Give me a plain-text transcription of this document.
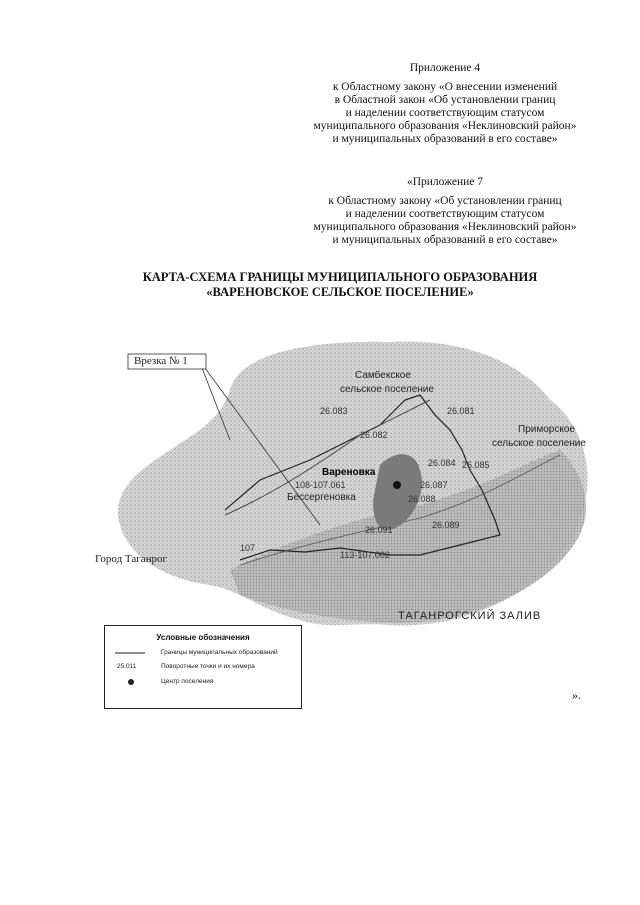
Приложение 4
к Областному закону «О внесении изменений
в Областной закон «Об установлении границ
и наделении соответствующим статусом
муниципального образования «Неклиновский район»
и муниципальных образований в его составе»
«Приложение 7
к Областному закону «Об установлении границ
и наделении соответствующим статусом
муниципального образования «Неклиновский район»
и муниципальных образований в его составе»
КАРТА-СХЕМА ГРАНИЦЫ МУНИЦИПАЛЬНОГО ОБРАЗОВАНИЯ
«ВАРЕНОВСКОЕ СЕЛЬСКОЕ ПОСЕЛЕНИЕ»
Врезка № 1
Самбекское
сельское поселение
Приморское
сельское поселение
Вареновка
Бессергеновка
Город Таганрог
ТАГАНРОГСКИЙ ЗАЛИВ
26.083	26.081
26.082
26.084 26.085
26.087
26.088
26.089
26.091
108-107.061
107
113-107.002
Условные обозначения
Границы муниципальных образований
25.011	Поворотные точки и их номера
Центр поселения
».
